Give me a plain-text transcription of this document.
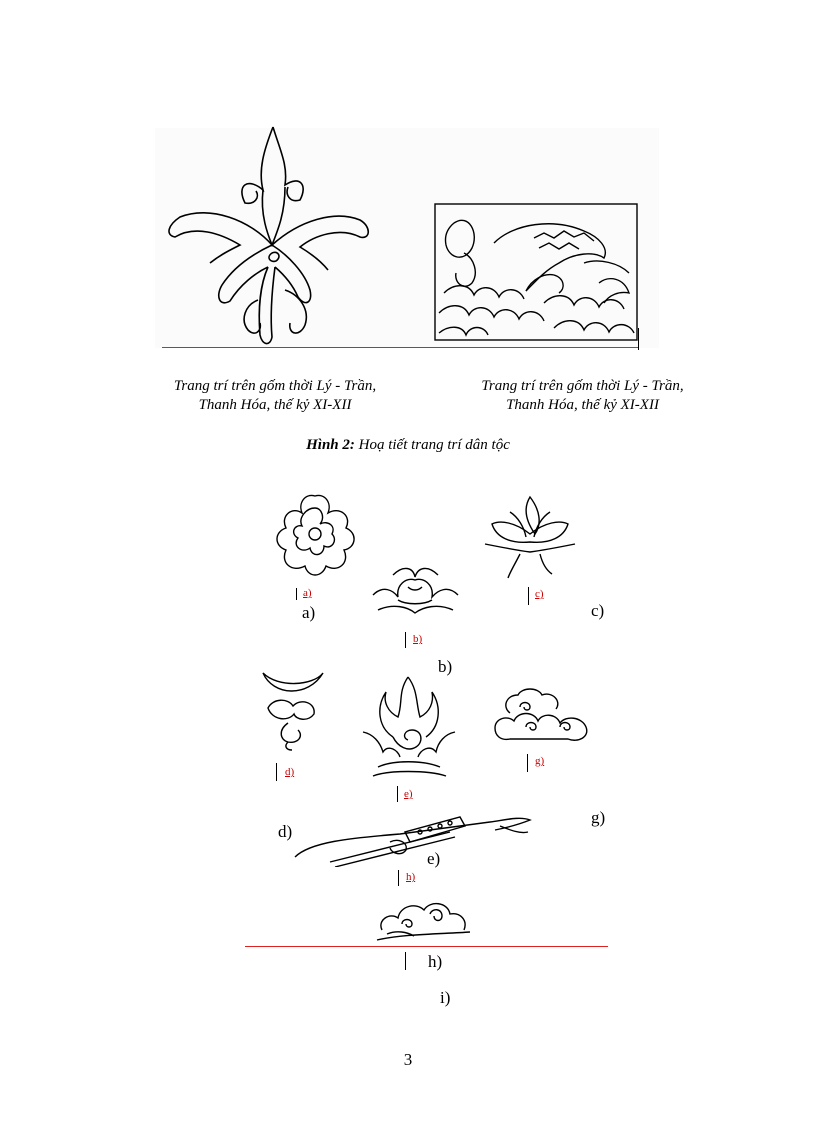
Trang trí trên gốm thời Lý - Trần,
Thanh Hóa, thế kỷ XI-XII
Trang trí trên gốm thời Lý - Trần,
Thanh Hóa, thế kỷ XI-XII
Hình 2: Hoạ tiết trang trí dân tộc
a)
a)
b)
b)
c)
c)
d)
d)
e)
e)
g)
g)
h)
h)
i)
3
